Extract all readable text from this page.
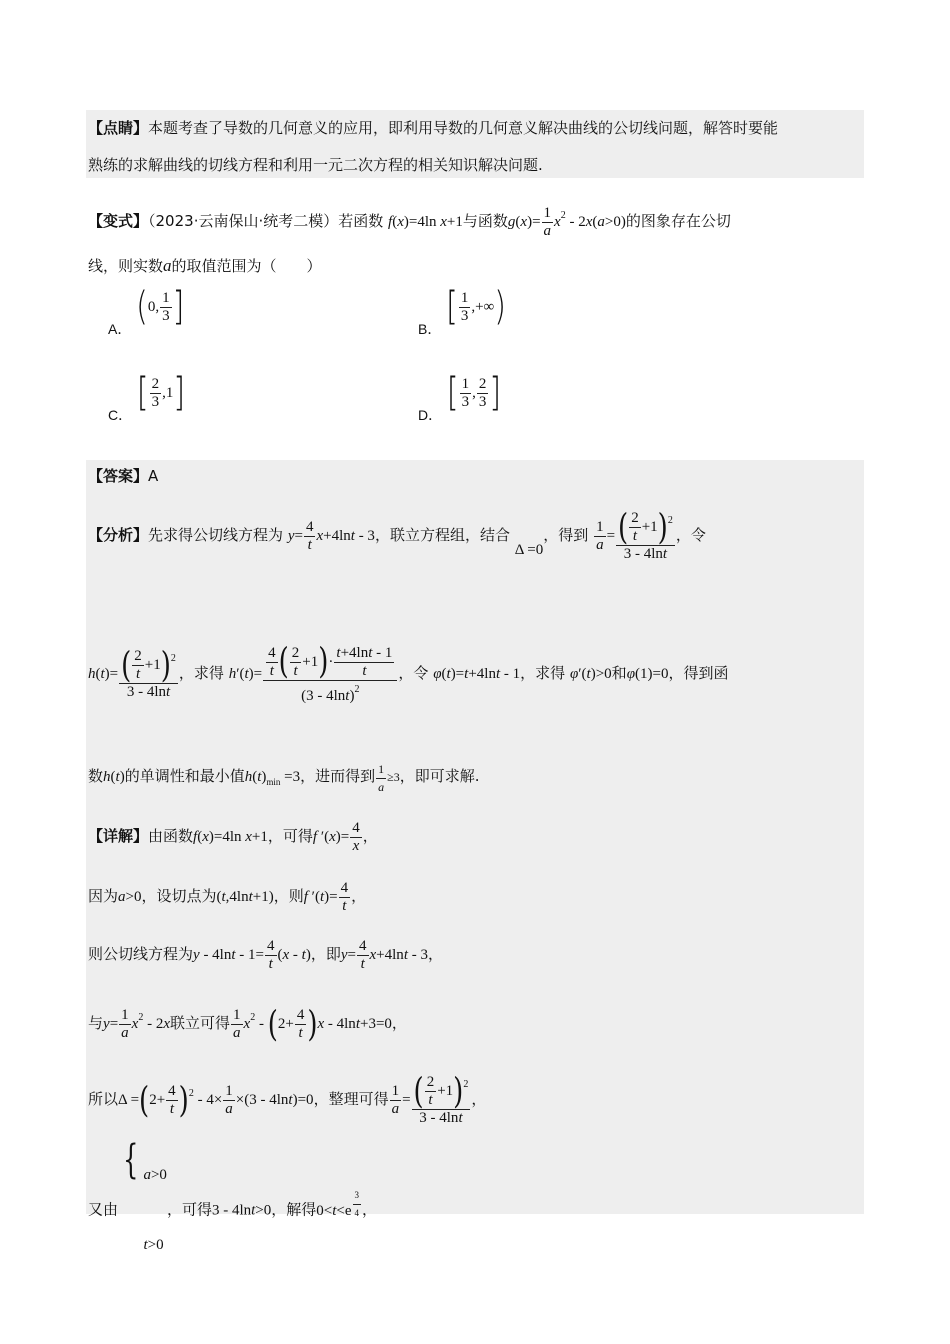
【点睛】本题考查了导数的几何意义的应用，即利用导数的几何意义解决曲线的公切线问题，解答时要能
熟练的求解曲线的切线方程和利用一元二次方程的相关知识解决问题.
【变式】（2023·云南保山·统考二模）若函数 f(x)=4ln x+1与函数$g(x)= \frac{1}{a} x^2 - 2x(a>0)$的图象存在公切
线，则实数a的取值范围为（　　）
A． ( 0, $\frac{1}{3}$ ]	B． [ $\frac{1}{3}$ ,+∞ )
C． [ $\frac{2}{3} ,1$ ]	D． [ $\frac{1}{3}$ , $\frac{2}{3}$ ]
【答案】A
【分析】先求得公切线方程为 $y= \frac{4}{t} x+4\ln t - 3$，联立方程组，结合 Δ =0，得到 $\frac{1}{a} = \frac{( \frac{2}{t} +1)^2}{3 - 4\ln t}$ ，令
$h(t)= \frac{( \frac{2}{t} +1)^2}{3 - 4\ln t}$ ，求得 $h'(t)= \frac{\frac{4}{t} ( \frac{2}{t} +1)\cdot \frac{t+4\ln t - 1}{t}}{(3 - 4\ln t)^2}$ ，令 φ(t)=t+4lnt - 1，求得 φ′(t)>0和φ(1)=0，得到函
数h(t)的单调性和最小值$h(t)_{min} =3$，进而得到 $\frac{1}{a} \ge 3$，即可求解.
【详解】由函数f(x)=4ln x+1，可得f $'(x)= \frac{4}{x}$ ，
因为a>0，设切点为(t,4lnt+1)，则f $'(t)= \frac{4}{t}$ ，
则公切线方程为$y - 4\ln t - 1= \frac{4}{t} (x - t)$，即$y= \frac{4}{t} x+4\ln t - 3$，
与$y= \frac{1}{a} x^2 - 2x$联立可得 $\frac{1}{a} x^2 - (2+ \frac{4}{t} )x - 4\ln t+3=0$，
所以$\Delta =(2+ \frac{4}{t} )^2 - 4\times \frac{1}{a} \times(3 - 4\ln t)=0$，整理可得 $\frac{1}{a} = \frac{( \frac{2}{t} +1)^2}{3 - 4\ln t}$ ，
又由
{ a>0
t>0
，可得3 - 4lnt>0，解得0<t<e $^{\frac{3}{4}}$ ，
